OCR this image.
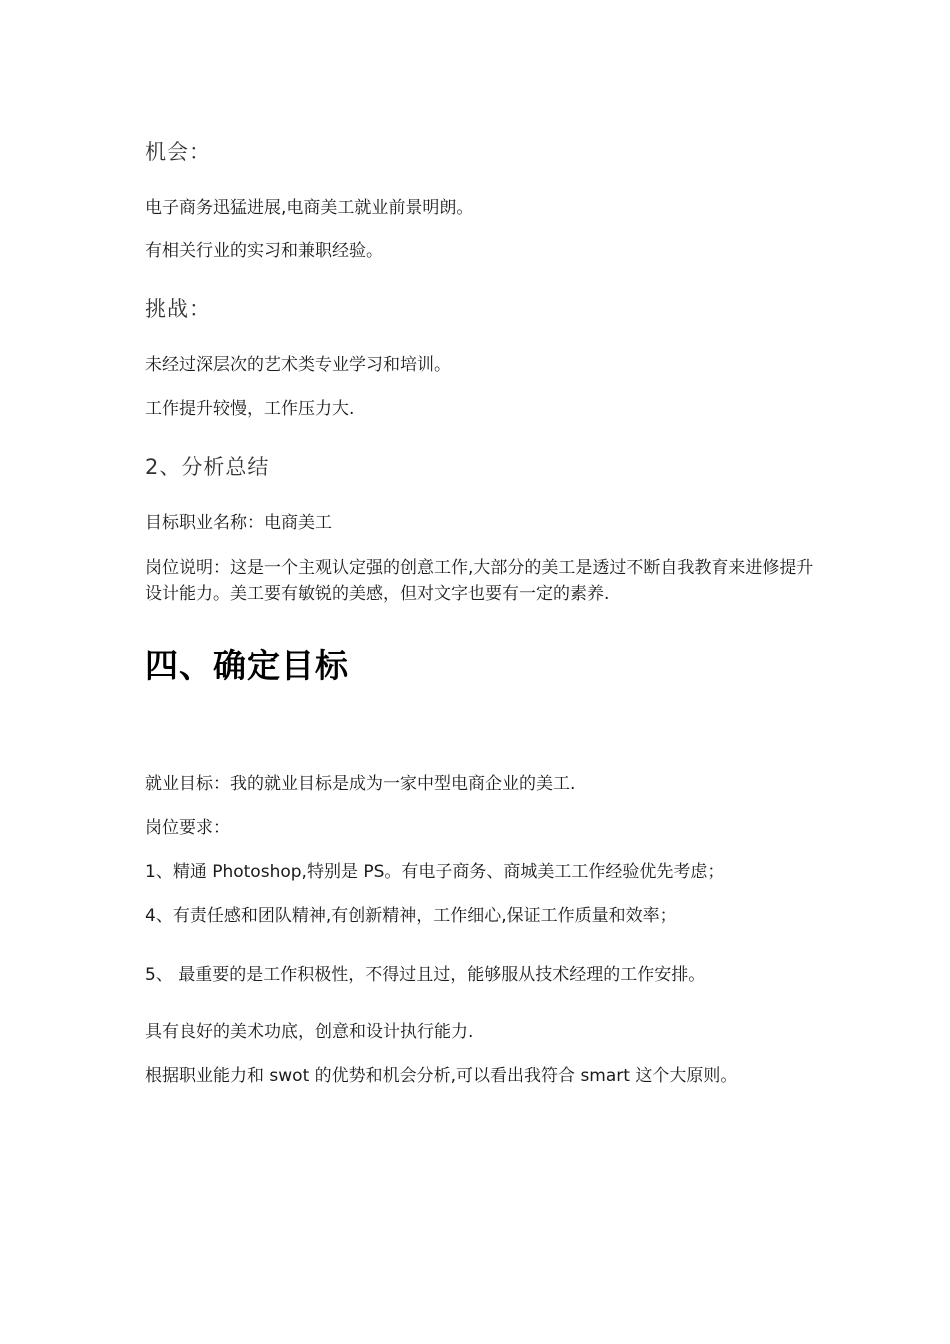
机会：

电子商务迅猛进展,电商美工就业前景明朗。

有相关行业的实习和兼职经验。

挑战：

未经过深层次的艺术类专业学习和培训。

工作提升较慢，工作压力大.

2、分析总结

目标职业名称：电商美工

岗位说明：这是一个主观认定强的创意工作,大部分的美工是透过不断自我教育来进修提升设计能力。美工要有敏锐的美感，但对文字也要有一定的素养.

四、确定目标

就业目标：我的就业目标是成为一家中型电商企业的美工.

岗位要求：

1、精通 Photoshop,特别是 PS。有电子商务、商城美工工作经验优先考虑；

4、有责任感和团队精神,有创新精神，工作细心,保证工作质量和效率；

5、 最重要的是工作积极性，不得过且过，能够服从技术经理的工作安排。

具有良好的美术功底，创意和设计执行能力.

根据职业能力和 swot 的优势和机会分析,可以看出我符合 smart 这个大原则。
